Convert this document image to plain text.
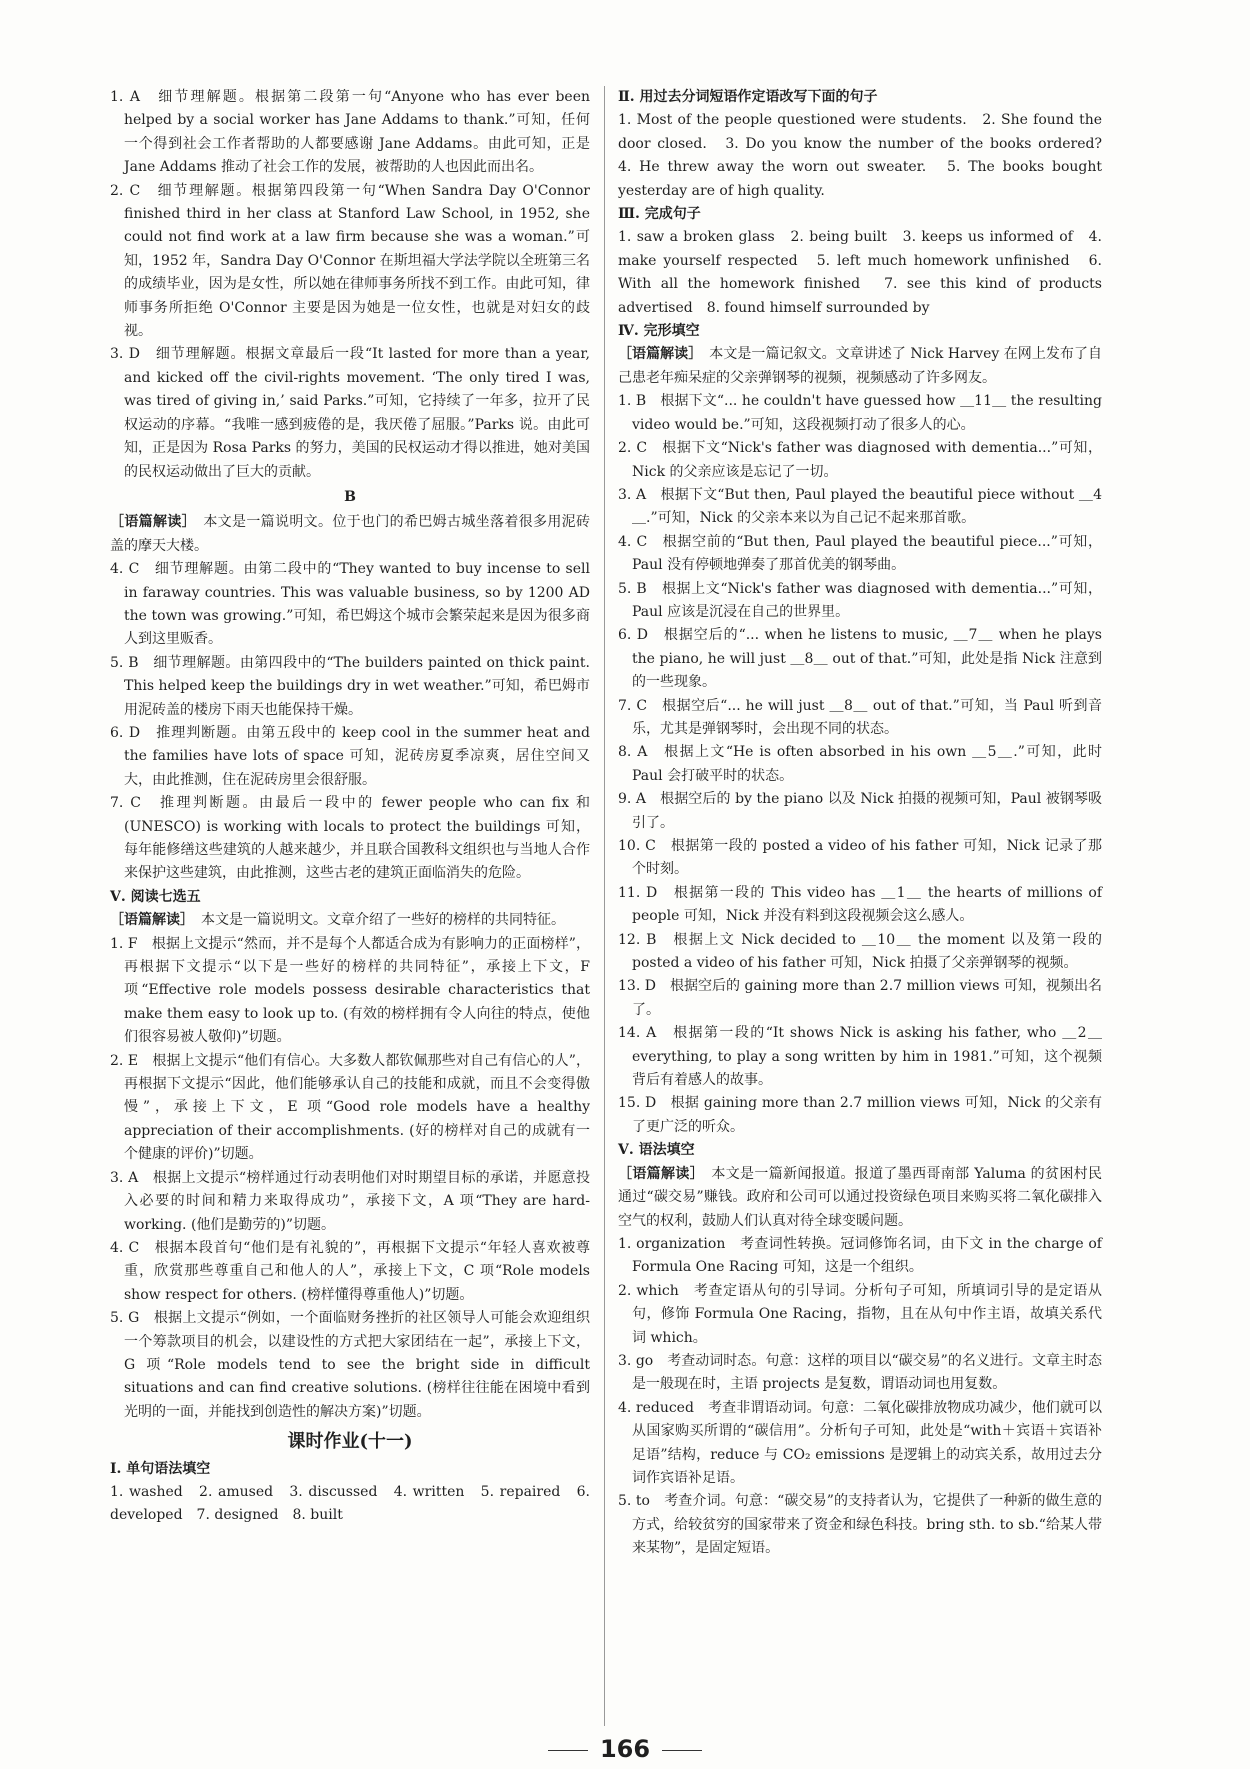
1. A　细节理解题。根据第二段第一句“Anyone who has ever been helped by a social worker has Jane Addams to thank.”可知，任何一个得到社会工作者帮助的人都要感谢 Jane Addams。由此可知，正是 Jane Addams 推动了社会工作的发展，被帮助的人也因此而出名。

2. C　细节理解题。根据第四段第一句“When Sandra Day O'Connor finished third in her class at Stanford Law School, in 1952, she could not find work at a law firm because she was a woman.”可知，1952 年，Sandra Day O'Connor 在斯坦福大学法学院以全班第三名的成绩毕业，因为是女性，所以她在律师事务所找不到工作。由此可知，律师事务所拒绝 O'Connor 主要是因为她是一位女性，也就是对妇女的歧视。

3. D　细节理解题。根据文章最后一段“It lasted for more than a year, and kicked off the civil-rights movement. ‘The only tired I was, was tired of giving in,’ said Parks.”可知，它持续了一年多，拉开了民权运动的序幕。“我唯一感到疲倦的是，我厌倦了屈服。”Parks 说。由此可知，正是因为 Rosa Parks 的努力，美国的民权运动才得以推进，她对美国的民权运动做出了巨大的贡献。

B

［语篇解读］　 本文是一篇说明文。位于也门的希巴姆古城坐落着很多用泥砖盖的摩天大楼。

4. C　细节理解题。由第二段中的“They wanted to buy incense to sell in faraway countries. This was valuable business, so by 1200 AD the town was growing.”可知，希巴姆这个城市会繁荣起来是因为很多商人到这里贩香。

5. B　细节理解题。由第四段中的“The builders painted on thick paint. This helped keep the buildings dry in wet weather.”可知，希巴姆市用泥砖盖的楼房下雨天也能保持干燥。

6. D　推理判断题。由第五段中的 keep cool in the summer heat and the families have lots of space 可知，泥砖房夏季凉爽，居住空间又大，由此推测，住在泥砖房里会很舒服。

7. C　推理判断题。由最后一段中的 fewer people who can fix 和 (UNESCO) is working with locals to protect the buildings 可知，每年能修缮这些建筑的人越来越少，并且联合国教科文组织也与当地人合作来保护这些建筑，由此推测，这些古老的建筑正面临消失的危险。

Ⅴ. 阅读七选五

［语篇解读］　 本文是一篇说明文。文章介绍了一些好的榜样的共同特征。

1. F　根据上文提示“然而，并不是每个人都适合成为有影响力的正面榜样”，再根据下文提示“以下是一些好的榜样的共同特征”，承接上下文，F 项“Effective role models possess desirable characteristics that make them easy to look up to. (有效的榜样拥有令人向往的特点，使他们很容易被人敬仰)”切题。

2. E　根据上文提示“他们有信心。大多数人都钦佩那些对自己有信心的人”，再根据下文提示“因此，他们能够承认自己的技能和成就，而且不会变得傲慢”，承接上下文，E 项“Good role models have a healthy appreciation of their accomplishments. (好的榜样对自己的成就有一个健康的评价)”切题。

3. A　根据上文提示“榜样通过行动表明他们对时期望目标的承诺，并愿意投入必要的时间和精力来取得成功”，承接下文，A 项“They are hard-working. (他们是勤劳的)”切题。

4. C　根据本段首句“他们是有礼貌的”，再根据下文提示“年轻人喜欢被尊重，欣赏那些尊重自己和他人的人”，承接上下文，C 项“Role models show respect for others. (榜样懂得尊重他人)”切题。

5. G　根据上文提示“例如，一个面临财务挫折的社区领导人可能会欢迎组织一个筹款项目的机会，以建设性的方式把大家团结在一起”，承接上下文，G 项“Role models tend to see the bright side in difficult situations and can find creative solutions. (榜样往往能在困境中看到光明的一面，并能找到创造性的解决方案)”切题。

课时作业(十一)

Ⅰ. 单句语法填空

1. washed　2. amused　3. discussed　4. written　5. repaired　6. developed　7. designed　8. built

Ⅱ. 用过去分词短语作定语改写下面的句子

1. Most of the people questioned were students.　2. She found the door closed.　3. Do you know the number of the books ordered?　4. He threw away the worn out sweater.　5. The books bought yesterday are of high quality.

Ⅲ. 完成句子

1. saw a broken glass　2. being built　3. keeps us informed of　4. make yourself respected　5. left much homework unfinished　6. With all the homework finished　7. see this kind of products advertised　8. found himself surrounded by

Ⅳ. 完形填空

［语篇解读］　 本文是一篇记叙文。文章讲述了 Nick Harvey 在网上发布了自己患老年痴呆症的父亲弹钢琴的视频，视频感动了许多网友。

1. B　根据下文“... he couldn't have guessed how ＿11＿ the resulting video would be.”可知，这段视频打动了很多人的心。

2. C　根据下文“Nick's father was diagnosed with dementia...”可知，Nick 的父亲应该是忘记了一切。

3. A　根据下文“But then, Paul played the beautiful piece without ＿4＿.”可知，Nick 的父亲本来以为自己记不起来那首歌。

4. C　根据空前的“But then, Paul played the beautiful piece...”可知，Paul 没有停顿地弹奏了那首优美的钢琴曲。

5. B　根据上文“Nick's father was diagnosed with dementia...”可知，Paul 应该是沉浸在自己的世界里。

6. D　根据空后的“... when he listens to music, ＿7＿ when he plays the piano, he will just ＿8＿ out of that.”可知，此处是指 Nick 注意到的一些现象。

7. C　根据空后“... he will just ＿8＿ out of that.”可知，当 Paul 听到音乐，尤其是弹钢琴时，会出现不同的状态。

8. A　根据上文“He is often absorbed in his own ＿5＿.”可知，此时 Paul 会打破平时的状态。

9. A　根据空后的 by the piano 以及 Nick 拍摄的视频可知，Paul 被钢琴吸引了。

10. C　根据第一段的 posted a video of his father 可知，Nick 记录了那个时刻。

11. D　根据第一段的 This video has ＿1＿ the hearts of millions of people 可知，Nick 并没有料到这段视频会这么感人。

12. B　根据上文 Nick decided to ＿10＿ the moment 以及第一段的 posted a video of his father 可知，Nick 拍摄了父亲弹钢琴的视频。

13. D　根据空后的 gaining more than 2.7 million views 可知，视频出名了。

14. A　根据第一段的“It shows Nick is asking his father, who ＿2＿ everything, to play a song written by him in 1981.”可知，这个视频背后有着感人的故事。

15. D　根据 gaining more than 2.7 million views 可知，Nick 的父亲有了更广泛的听众。

Ⅴ. 语法填空

［语篇解读］　 本文是一篇新闻报道。报道了墨西哥南部 Yaluma 的贫困村民通过“碳交易”赚钱。政府和公司可以通过投资绿色项目来购买将二氧化碳排入空气的权利，鼓励人们认真对待全球变暖问题。

1. organization　考查词性转换。冠词修饰名词，由下文 in the charge of Formula One Racing 可知，这是一个组织。

2. which　考查定语从句的引导词。分析句子可知，所填词引导的是定语从句，修饰 Formula One Racing，指物，且在从句中作主语，故填关系代词 which。

3. go　考查动词时态。句意：这样的项目以“碳交易”的名义进行。文章主时态是一般现在时，主语 projects 是复数，谓语动词也用复数。

4. reduced　考查非谓语动词。句意：二氧化碳排放物成功减少，他们就可以从国家购买所谓的“碳信用”。分析句子可知，此处是“with＋宾语＋宾语补足语”结构，reduce 与 CO₂ emissions 是逻辑上的动宾关系，故用过去分词作宾语补足语。

5. to　考查介词。句意：“碳交易”的支持者认为，它提供了一种新的做生意的方式，给较贫穷的国家带来了资金和绿色科技。bring sth. to sb.“给某人带来某物”，是固定短语。

166
